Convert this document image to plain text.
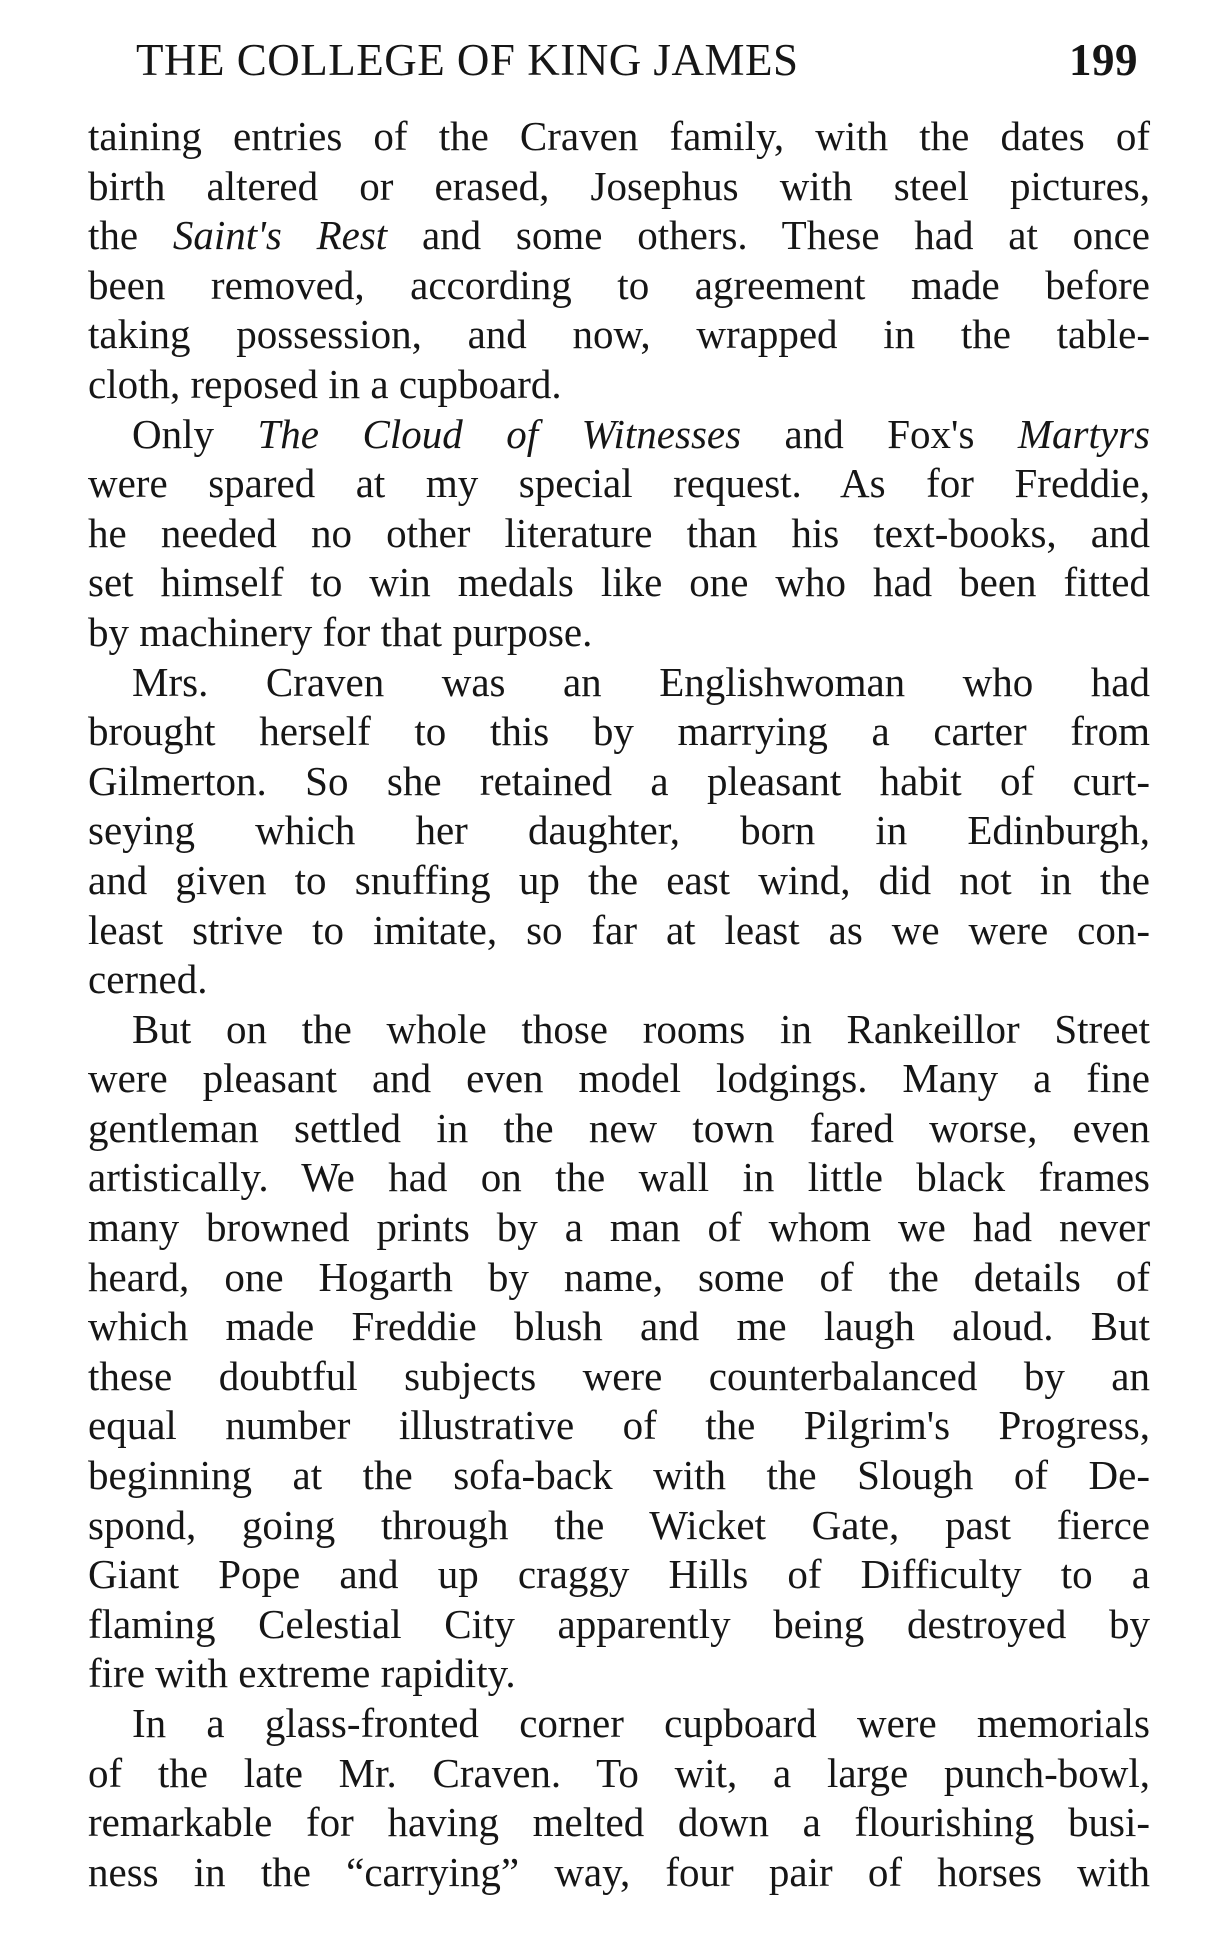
THE COLLEGE OF KING JAMES	199
taining entries of the Craven family, with the dates of
birth altered or erased, Josephus with steel pictures,
the Saint's Rest and some others. These had at once
been removed, according to agreement made before
taking possession, and now, wrapped in the table-
cloth, reposed in a cupboard.
Only The Cloud of Witnesses and Fox's Martyrs
were spared at my special request. As for Freddie,
he needed no other literature than his text-books, and
set himself to win medals like one who had been fitted
by machinery for that purpose.
Mrs. Craven was an Englishwoman who had
brought herself to this by marrying a carter from
Gilmerton. So she retained a pleasant habit of curt-
seying which her daughter, born in Edinburgh,
and given to snuffing up the east wind, did not in the
least strive to imitate, so far at least as we were con-
cerned.
But on the whole those rooms in Rankeillor Street
were pleasant and even model lodgings. Many a fine
gentleman settled in the new town fared worse, even
artistically. We had on the wall in little black frames
many browned prints by a man of whom we had never
heard, one Hogarth by name, some of the details of
which made Freddie blush and me laugh aloud. But
these doubtful subjects were counterbalanced by an
equal number illustrative of the Pilgrim's Progress,
beginning at the sofa-back with the Slough of De-
spond, going through the Wicket Gate, past fierce
Giant Pope and up craggy Hills of Difficulty to a
flaming Celestial City apparently being destroyed by
fire with extreme rapidity.
In a glass-fronted corner cupboard were memorials
of the late Mr. Craven. To wit, a large punch-bowl,
remarkable for having melted down a flourishing busi-
ness in the “carrying” way, four pair of horses with
